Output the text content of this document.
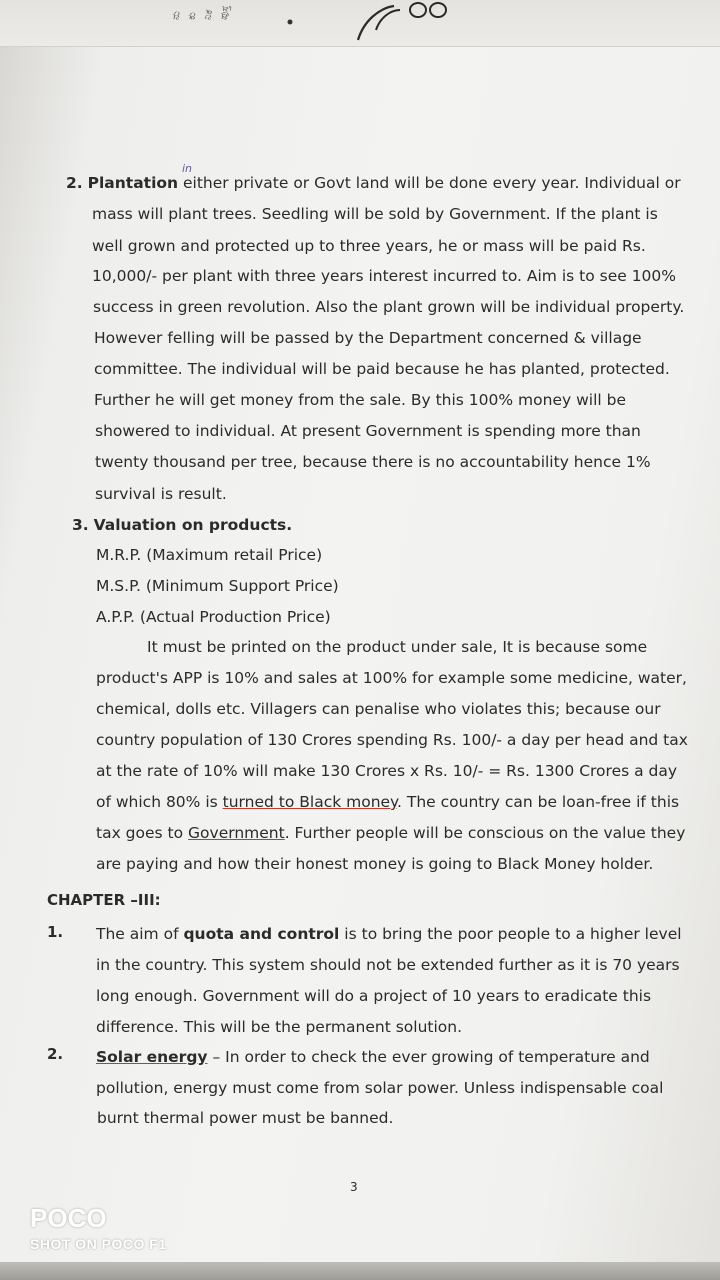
ನು ಕು ನಿಕ ಪುಸ್ತ
in
2. Plantation either private or Govt land will be done every year. Individual or
mass will plant trees. Seedling will be sold by Government. If the plant is
well grown and protected up to three years, he or mass will be paid Rs.
10,000/- per plant with three years interest incurred to. Aim is to see 100%
success in green revolution. Also the plant grown will be individual property.
However felling will be passed by the Department concerned & village
committee. The individual will be paid because he has planted, protected.
Further he will get money from the sale. By this 100% money will be
showered to individual. At present Government is spending more than
twenty thousand per tree, because there is no accountability hence 1%
survival is result.
3. Valuation on products.
M.R.P. (Maximum retail Price)
M.S.P. (Minimum Support Price)
A.P.P. (Actual Production Price)
It must be printed on the product under sale, It is because some
product's APP is 10% and sales at 100% for example some medicine, water,
chemical, dolls etc. Villagers can penalise who violates this; because our
country population of 130 Crores spending Rs. 100/- a day per head and tax
at the rate of 10% will make 130 Crores x Rs. 10/- = Rs. 1300 Crores a day
of which 80% is turned to Black money. The country can be loan-free if this
tax goes to Government. Further people will be conscious on the value they
are paying and how their honest money is going to Black Money holder.
CHAPTER –III:
1. The aim of quota and control is to bring the poor people to a higher level
in the country. This system should not be extended further as it is 70 years
long enough. Government will do a project of 10 years to eradicate this
difference. This will be the permanent solution.
2. Solar energy – In order to check the ever growing of temperature and
pollution, energy must come from solar power. Unless indispensable coal
burnt thermal power must be banned.
3
POCO
SHOT ON POCO F1
